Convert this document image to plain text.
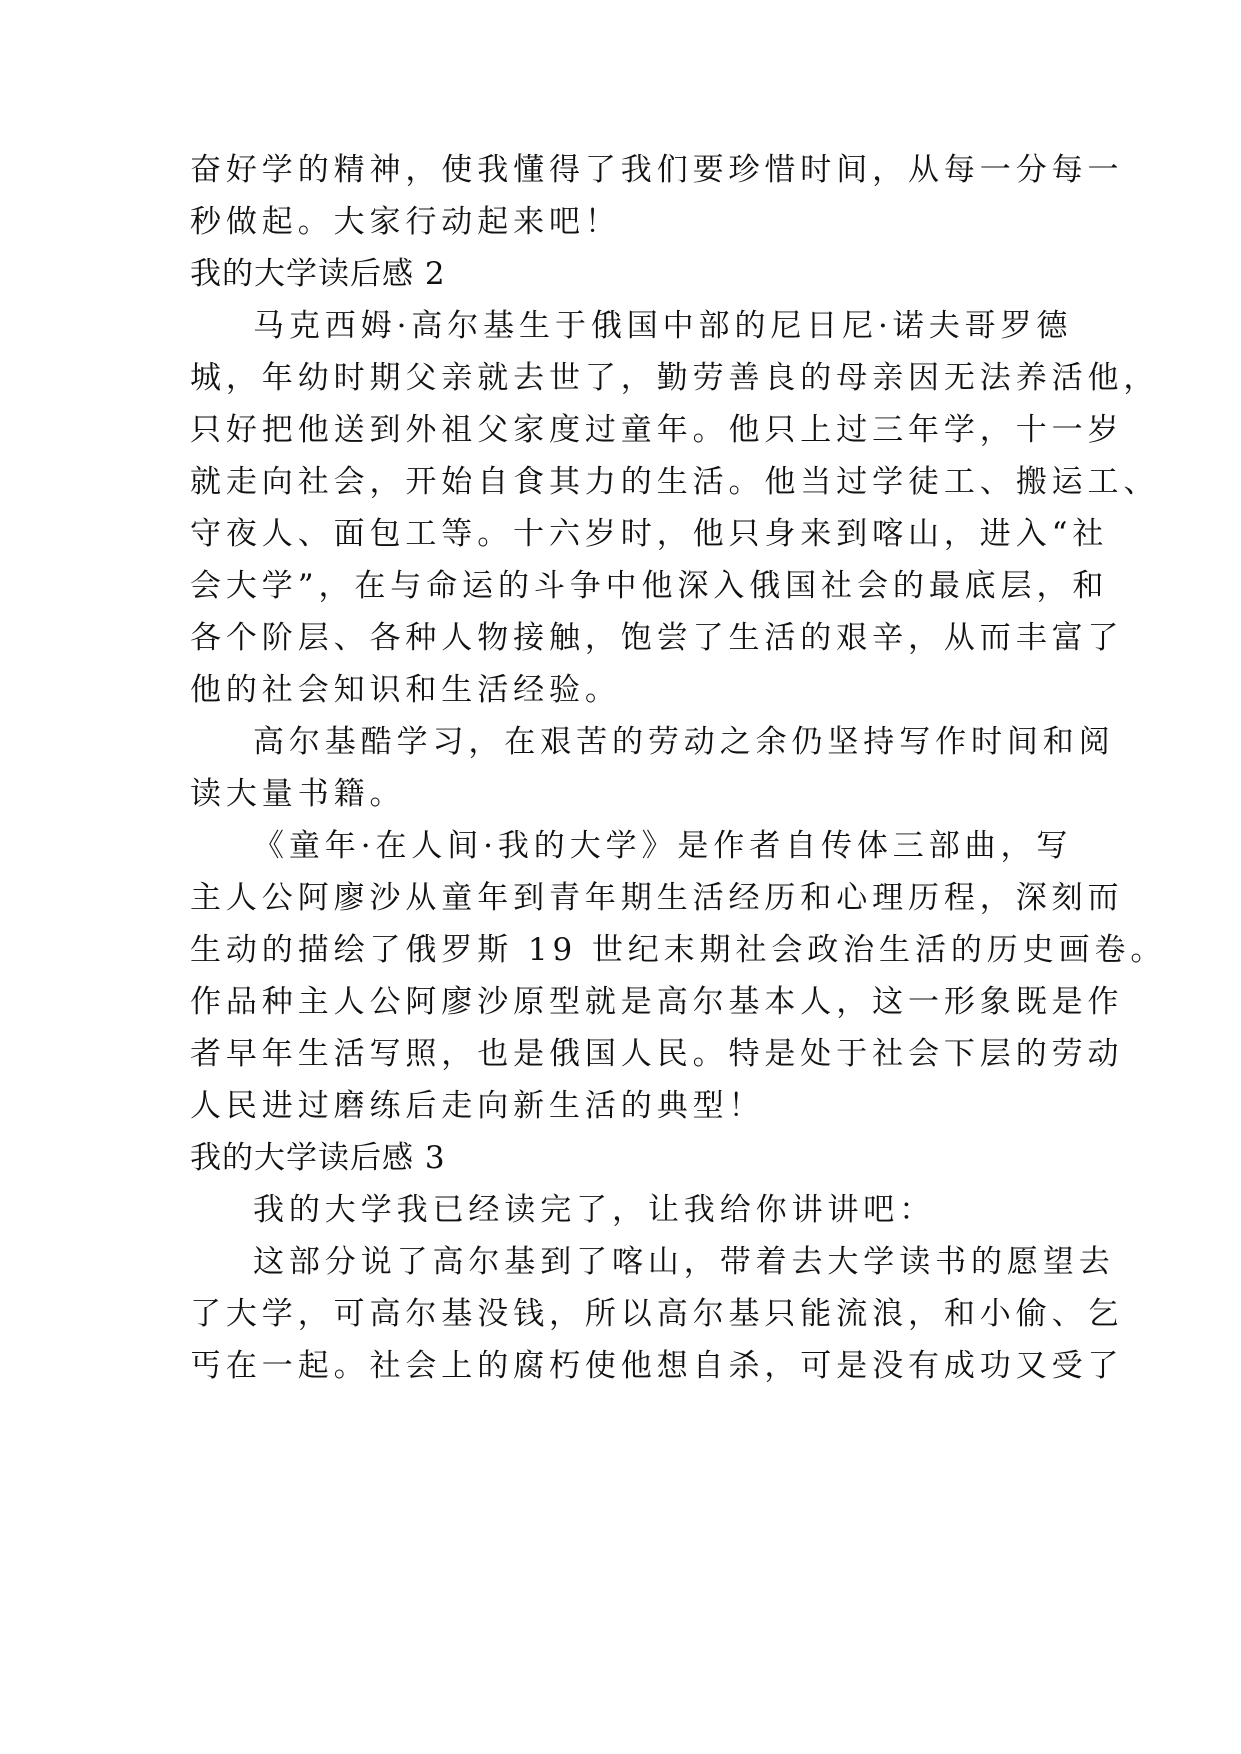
奋好学的精神，使我懂得了我们要珍惜时间，从每一分每一
秒做起。大家行动起来吧！
我的大学读后感 2
马克西姆·高尔基生于俄国中部的尼日尼·诺夫哥罗德
城，年幼时期父亲就去世了，勤劳善良的母亲因无法养活他，
只好把他送到外祖父家度过童年。他只上过三年学，十一岁
就走向社会，开始自食其力的生活。他当过学徒工、搬运工、
守夜人、面包工等。十六岁时，他只身来到喀山，进入“社
会大学”，在与命运的斗争中他深入俄国社会的最底层，和
各个阶层、各种人物接触，饱尝了生活的艰辛，从而丰富了
他的社会知识和生活经验。
高尔基酷学习，在艰苦的劳动之余仍坚持写作时间和阅
读大量书籍。
《童年·在人间·我的大学》是作者自传体三部曲，写
主人公阿廖沙从童年到青年期生活经历和心理历程，深刻而
生动的描绘了俄罗斯 19 世纪末期社会政治生活的历史画卷。
作品种主人公阿廖沙原型就是高尔基本人，这一形象既是作
者早年生活写照，也是俄国人民。特是处于社会下层的劳动
人民进过磨练后走向新生活的典型！
我的大学读后感 3
我的大学我已经读完了，让我给你讲讲吧：
这部分说了高尔基到了喀山，带着去大学读书的愿望去
了大学，可高尔基没钱，所以高尔基只能流浪，和小偷、乞
丐在一起。社会上的腐朽使他想自杀，可是没有成功又受了
